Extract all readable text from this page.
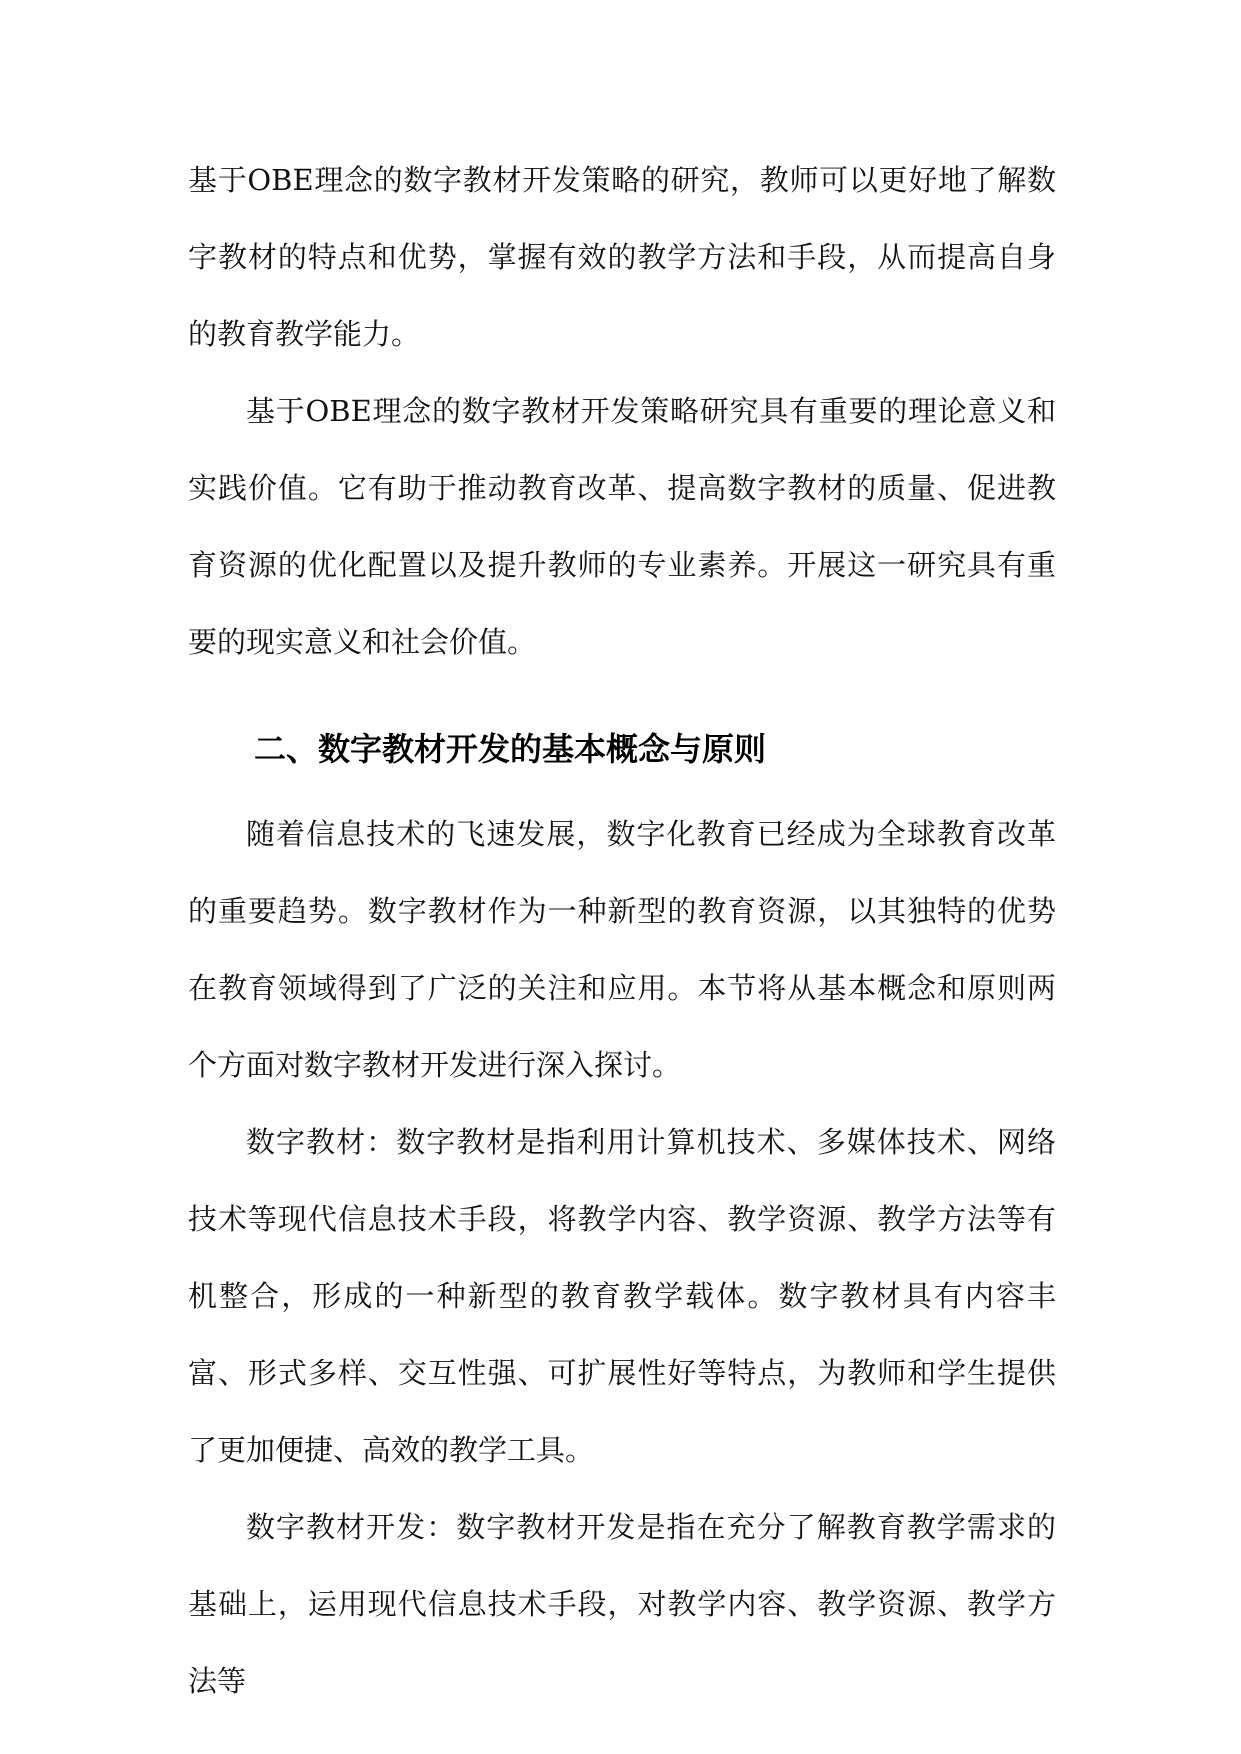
基于OBE理念的数字教材开发策略的研究，教师可以更好地了解数字教材的特点和优势，掌握有效的教学方法和手段，从而提高自身的教育教学能力。

基于OBE理念的数字教材开发策略研究具有重要的理论意义和实践价值。它有助于推动教育改革、提高数字教材的质量、促进教育资源的优化配置以及提升教师的专业素养。开展这一研究具有重要的现实意义和社会价值。

二、数字教材开发的基本概念与原则

随着信息技术的飞速发展，数字化教育已经成为全球教育改革的重要趋势。数字教材作为一种新型的教育资源，以其独特的优势在教育领域得到了广泛的关注和应用。本节将从基本概念和原则两个方面对数字教材开发进行深入探讨。

数字教材：数字教材是指利用计算机技术、多媒体技术、网络技术等现代信息技术手段，将教学内容、教学资源、教学方法等有机整合，形成的一种新型的教育教学载体。数字教材具有内容丰富、形式多样、交互性强、可扩展性好等特点，为教师和学生提供了更加便捷、高效的教学工具。

数字教材开发：数字教材开发是指在充分了解教育教学需求的基础上，运用现代信息技术手段，对教学内容、教学资源、教学方法等
